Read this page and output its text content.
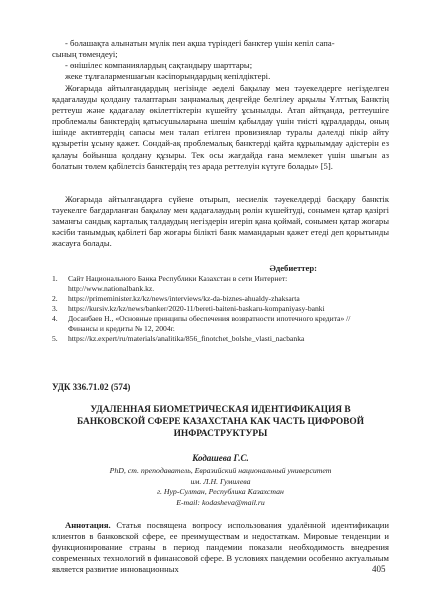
- болашақта алынатын мүлік пен ақша түріндегі банктер үшін кепіл сапа-

сының төмендеуі;

- өнішілес компаниялардың сақтандыру шарттары;

жеке тұлғаларменшағын кәсіпорындардың кепілдіктері.

Жоғарыда айтылғандардың негізінде әеделі бақылау мен тәуекелдерге негізделген қадағалауды қолдану талаптарын заңнамалық деңгейде белгілеу арқылы Ұлттық Банктің реттеуш және қадағалау өкілеттіктерін күшейту ұсынылды. Атап айтқанда, реттеушіге проблемалы банктердің қатысушыларына шешім қабылдау үшін тиісті құралдарды, оның ішінде активтердің сапасы мен талап етілген провизиялар туралы дәлелді пікір айту құзыретін ұсыну қажет. Сондай-ақ проблемалық банктерді қайта құрылымдау әдістерін ез қалауы бойынша қолдану құзыры. Тек осы жағдайда ғана мемлекет үшін шығын аз болатын төлем қабілетсіз банктердің тез арада реттелуін күтуге болады» [5].

Жоғарыда айтылғандарға сүйене отырып, несиелік тәуекелдерді басқару банктік тәуекелге бағдарланған бақылау мен қадағалаудың рөлін күшейтуді, сонымен қатар қазіргі заманғы сандық карталық талдаудың негіздерін игеріп қана қоймай, сонымен қатар жоғары кәсіби танымдық қабілеті бар жоғары білікті банк мамандарын қажет етеді деп қорытынды жасауға болады.

Әдебиеттер:
1.	Сайт Национального Банка Республики Казахстан в сети Интернет:
http://www.nationalbank.kz.
2.	https://primeminister.kz/kz/news/interviews/kz-da-biznes-ahualdy-zhaksarta
3.	https://kursiv.kz/kz/news/banker/2020-11/bereti-baiteni-baskaru-kompaniyasy-banki
4.	Досанбаев Н., «Основные принципы обеспечения возвратности ипотечного кредита» //
Финансы и кредиты № 12, 2004г.
5.	https://kz.expert/ru/materials/analitika/856_finotchet_bolshe_vlasti_nacbanka
УДК 336.71.02 (574)
УДАЛЕННАЯ БИОМЕТРИЧЕСКАЯ ИДЕНТИФИКАЦИЯ В
БАНКОВСКОЙ СФЕРЕ КАЗАХСТАНА КАК ЧАСТЬ ЦИФРОВОЙ
ИНФРАСТРУКТУРЫ
Кодашева Г.С.
PhD, ст. преподаватель, Евразийский национальный университет
им. Л.Н. Гумилева
г. Нур-Султан, Республика Казахстан
E-mail: kodasheva@mail.ru

Аннотация. Статья посвящена вопросу использования удалённой идентификации клиентов в банковской сфере, ее преимуществам и недостаткам. Мировые тенденции и функционирование страны в период пандемии показали необходимость внедрения современных технологий в финансовой сфере. В условиях пандемии особенно актуальным является развитие инновационных	405
